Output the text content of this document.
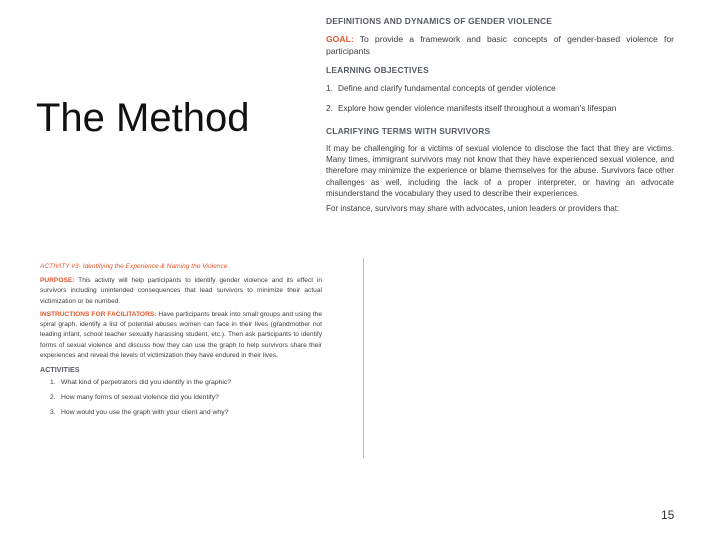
The Method

DEFINITIONS AND DYNAMICS OF GENDER VIOLENCE

GOAL: To provide a framework and basic concepts of gender-based violence for participants

LEARNING OBJECTIVES

1. Define and clarify fundamental concepts of gender violence
2. Explore how gender violence manifests itself throughout a woman's lifespan

CLARIFYING TERMS WITH SURVIVORS

It may be challenging for a victims of sexual violence to disclose the fact that they are victims. Many times, immigrant survivors may not know that they have experienced sexual violence, and therefore may minimize the experience or blame themselves for the abuse. Survivors face other challenges as well, including the lack of a proper interpreter, or having an advocate misunderstand the vocabulary they used to describe their experiences.

For instance, survivors may share with advocates, union leaders or providers that:

ACTIVITY #3- Identifying the Experience & Naming the Violence

PURPOSE: This activity will help participants to identify gender violence and its effect in survivors including unintended consequences that lead survivors to minimize their actual victimization or be numbed.

INSTRUCTIONS FOR FACILITATORS: Have participants break into small groups and using the spiral graph, identify a list of potential abuses women can face in their lives (grandmother not leading infant, school teacher sexually harassing student, etc.). Then ask participants to identify forms of sexual violence and discuss how they can use the graph to help survivors share their experiences and reveal the levels of victimization they have endured in their lives.

ACTIVITIES

1. What kind of perpetrators did you identify in the graphic?
2. How many forms of sexual violence did you identify?
3. How would you use the graph with your client and why?
15
